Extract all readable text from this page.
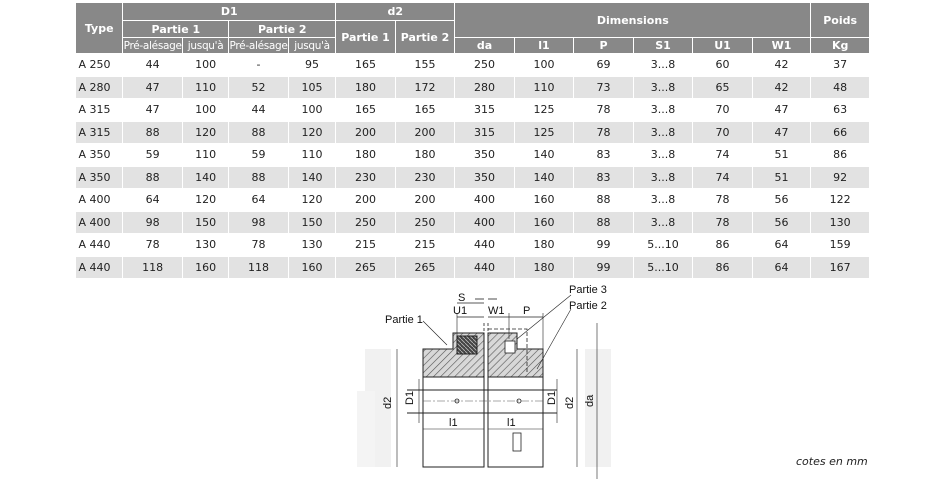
Type	D1				d2		Dimensions						Poids
	Partie 1		Partie 2		Partie 1	Partie 2							
	Pré-alésage	jusqu'à	Pré-alésage	jusqu'à			da	l1	P	S1	U1	W1	Kg
A 250	44	100	-	95	165	155	250	100	69	3...8	60	42	37
A 280	47	110	52	105	180	172	280	110	73	3...8	65	42	48
A 315	47	100	44	100	165	165	315	125	78	3...8	70	47	63
A 315	88	120	88	120	200	200	315	125	78	3...8	70	47	66
A 350	59	110	59	110	180	180	350	140	83	3...8	74	51	86
A 350	88	140	88	140	230	230	350	140	83	3...8	74	51	92
A 400	64	120	64	120	200	200	400	160	88	3...8	78	56	122
A 400	98	150	98	150	250	250	400	160	88	3...8	78	56	130
A 440	78	130	78	130	215	215	440	180	99	5...10	86	64	159
A 440	118	160	118	160	265	265	440	180	99	5...10	86	64	167
S
U1 W1 P
Partie 1
Partie 3
Partie 2
d2 D1	D1 d2 da
l1	l1
cotes en mm
